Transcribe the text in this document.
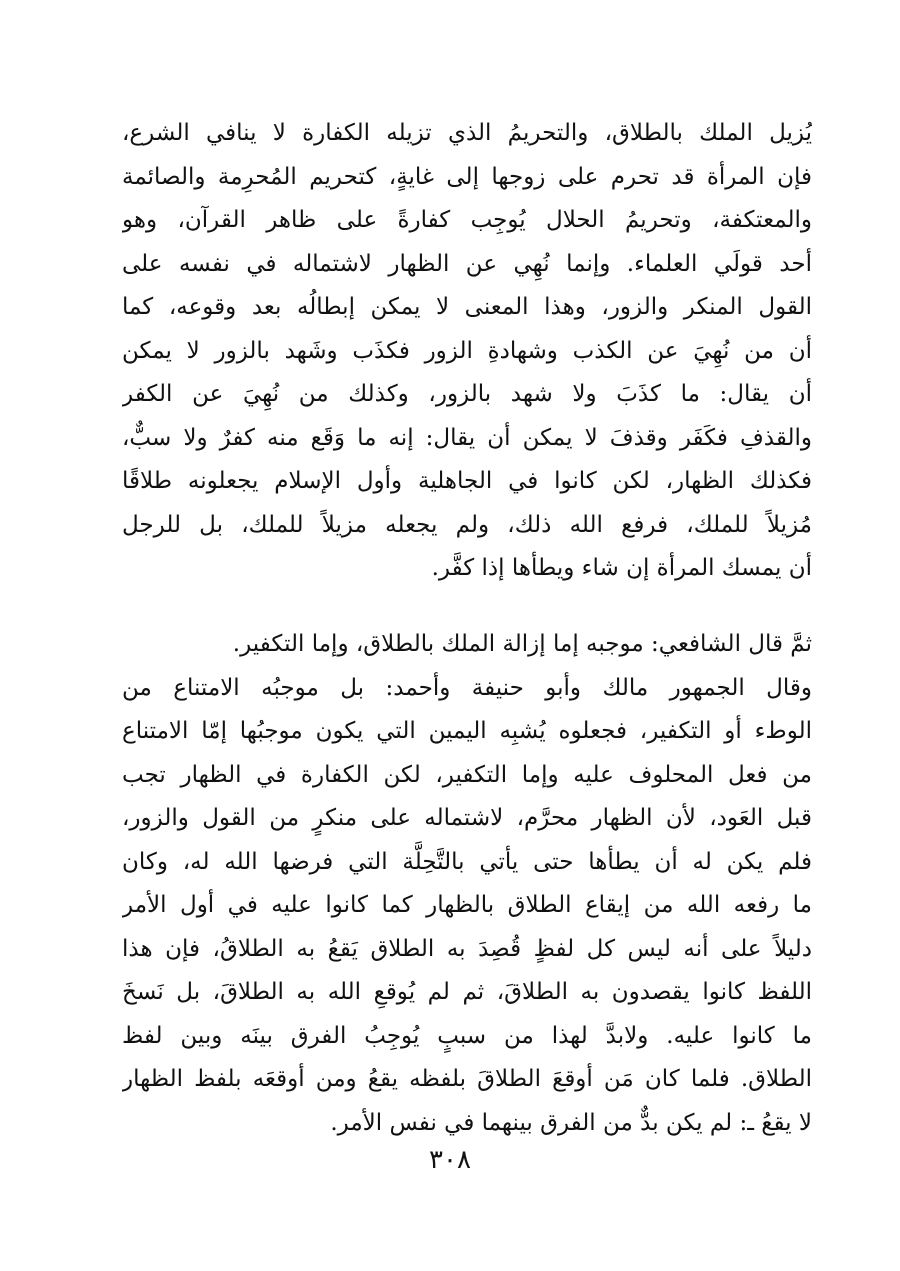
يُزيل الملك بالطلاق، والتحريمُ الذي تزيله الكفارة لا ينافي الشرع،
فإن المرأة قد تحرم على زوجها إلى غايةٍ، كتحريم المُحرِمة والصائمة
والمعتكفة، وتحريمُ الحلال يُوجِب كفارةً على ظاهر القرآن، وهو
أحد قولَي العلماء. وإنما نُهِي عن الظهار لاشتماله في نفسه على
القول المنكر والزور، وهذا المعنى لا يمكن إبطالُه بعد وقوعه، كما
أن من نُهِيَ عن الكذب وشهادةِ الزور فكذَب وشَهد بالزور لا يمكن
أن يقال: ما كذَبَ ولا شهد بالزور، وكذلك من نُهِيَ عن الكفر
والقذفِ فكَفَر وقذفَ لا يمكن أن يقال: إنه ما وَقَع منه كفرٌ ولا سبٌّ،
فكذلك الظهار، لكن كانوا في الجاهلية وأول الإسلام يجعلونه طلاقًا
مُزيلاً للملك، فرفع الله ذلك، ولم يجعله مزيلاً للملك، بل للرجل
أن يمسك المرأة إن شاء ويطأها إذا كفَّر.
ثمَّ قال الشافعي: موجبه إما إزالة الملك بالطلاق، وإما التكفير.
وقال الجمهور مالك وأبو حنيفة وأحمد: بل موجبُه الامتناع من
الوطء أو التكفير، فجعلوه يُشبِه اليمين التي يكون موجبُها إمّا الامتناع
من فعل المحلوف عليه وإما التكفير، لكن الكفارة في الظهار تجب
قبل العَود، لأن الظهار محرَّم، لاشتماله على منكرٍ من القول والزور،
فلم يكن له أن يطأها حتى يأتي بالتَّحِلَّة التي فرضها الله له، وكان
ما رفعه الله من إيقاع الطلاق بالظهار كما كانوا عليه في أول الأمر
دليلاً على أنه ليس كل لفظٍ قُصِدَ به الطلاق يَقعُ به الطلاقُ، فإن هذا
اللفظ كانوا يقصدون به الطلاقَ، ثم لم يُوقعِ الله به الطلاقَ، بل نَسخَ
ما كانوا عليه. ولابدَّ لهذا من سببٍ يُوجِبُ الفرق بينَه وبين لفظ
الطلاق. فلما كان مَن أوقعَ الطلاقَ بلفظه يقعُ ومن أوقعَه بلفظ الظهار
لا يقعُ ـ: لم يكن بدٌّ من الفرق بينهما في نفس الأمر.
٣٠٨
